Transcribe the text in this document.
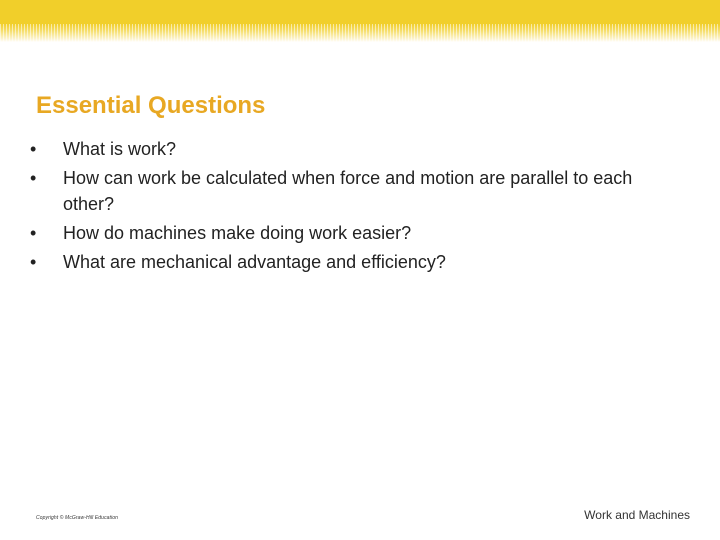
Essential Questions
•	What is work?
•	How can work be calculated when force and motion are parallel to each other?
•	How do machines make doing work easier?
•	What are mechanical advantage and efficiency?
Copyright © McGraw-Hill Education	Work and Machines
